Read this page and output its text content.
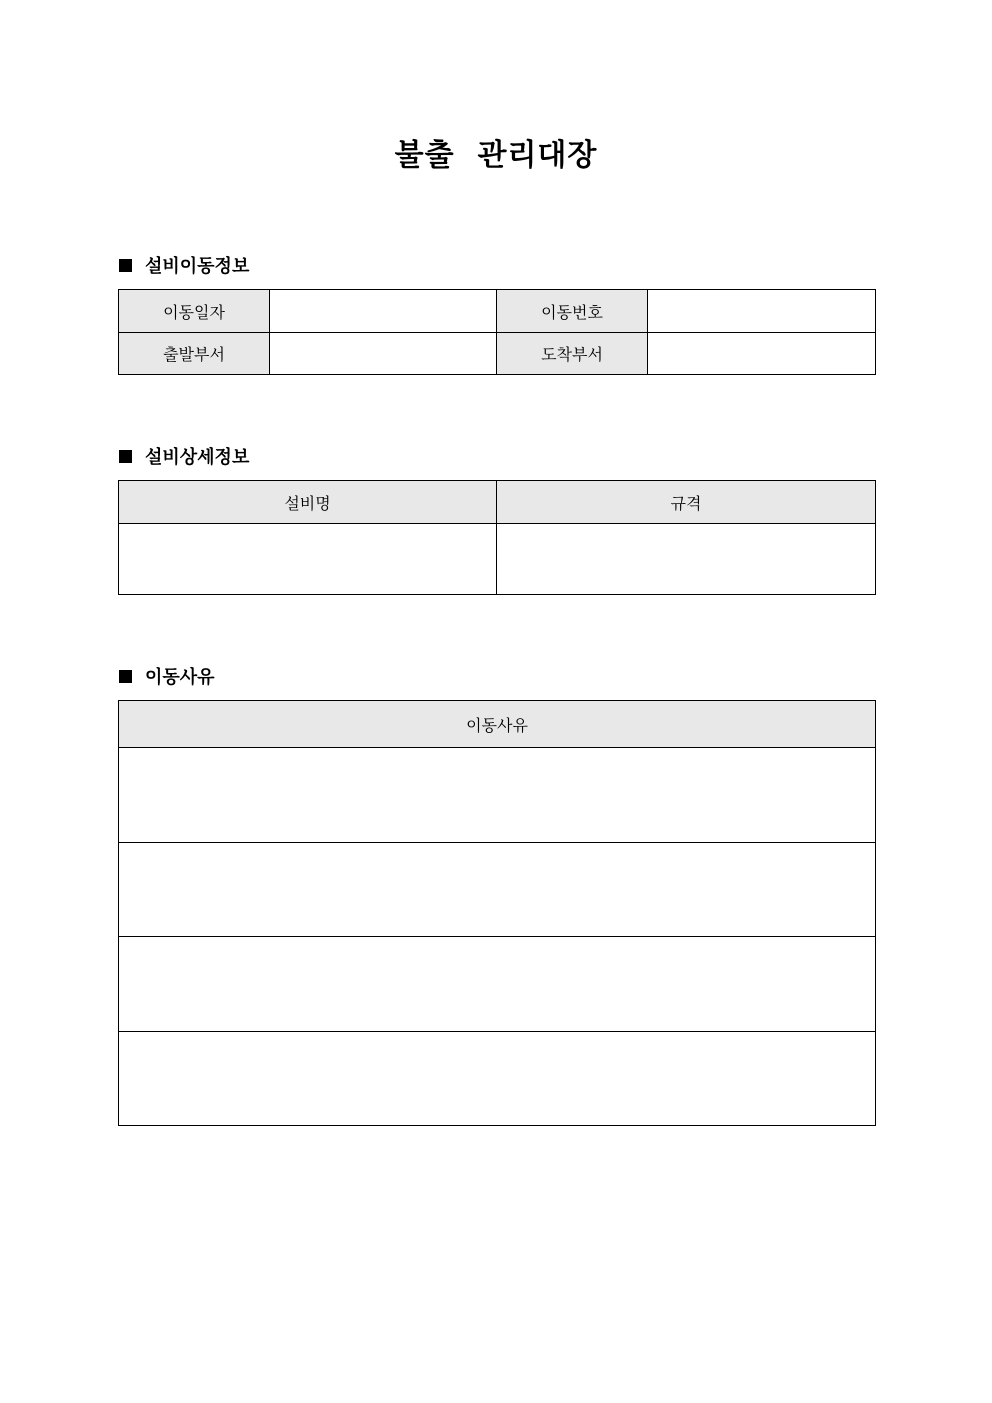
불출  관리대장
설비이동정보
이동일자		이동번호	
출발부서		도착부서	
설비상세정보
설비명	규격

이동사유
이동사유
